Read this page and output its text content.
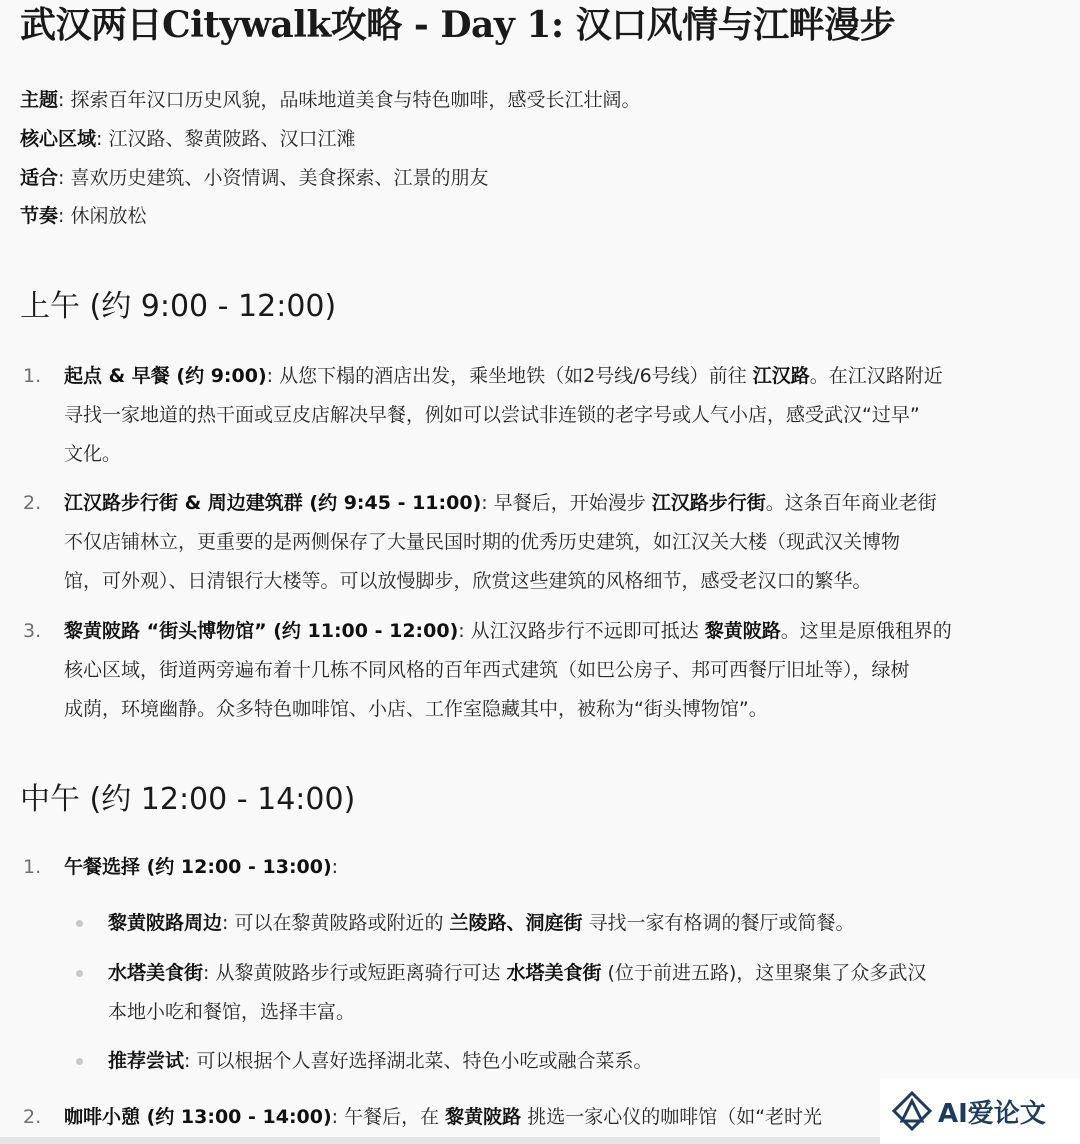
武汉两日Citywalk攻略 - Day 1: 汉口风情与江畔漫步
主题: 探索百年汉口历史风貌，品味地道美食与特色咖啡，感受长江壮阔。
核心区域: 江汉路、黎黄陂路、汉口江滩
适合: 喜欢历史建筑、小资情调、美食探索、江景的朋友
节奏: 休闲放松
上午 (约 9:00 - 12:00)
1. 起点 & 早餐 (约 9:00): 从您下榻的酒店出发，乘坐地铁（如2号线/6号线）前往 江汉路。在江汉路附近
寻找一家地道的热干面或豆皮店解决早餐，例如可以尝试非连锁的老字号或人气小店，感受武汉“过早”
文化。
2. 江汉路步行街 & 周边建筑群 (约 9:45 - 11:00): 早餐后，开始漫步 江汉路步行街。这条百年商业老街
不仅店铺林立，更重要的是两侧保存了大量民国时期的优秀历史建筑，如江汉关大楼（现武汉关博物
馆，可外观）、日清银行大楼等。可以放慢脚步，欣赏这些建筑的风格细节，感受老汉口的繁华。
3. 黎黄陂路 “街头博物馆” (约 11:00 - 12:00): 从江汉路步行不远即可抵达 黎黄陂路。这里是原俄租界的
核心区域，街道两旁遍布着十几栋不同风格的百年西式建筑（如巴公房子、邦可西餐厅旧址等），绿树
成荫，环境幽静。众多特色咖啡馆、小店、工作室隐藏其中，被称为“街头博物馆”。
中午 (约 12:00 - 14:00)
1. 午餐选择 (约 12:00 - 13:00):
黎黄陂路周边: 可以在黎黄陂路或附近的 兰陵路、洞庭街 寻找一家有格调的餐厅或简餐。
水塔美食街: 从黎黄陂路步行或短距离骑行可达 水塔美食街 (位于前进五路)，这里聚集了众多武汉
本地小吃和餐馆，选择丰富。
推荐尝试: 可以根据个人喜好选择湖北菜、特色小吃或融合菜系。
2. 咖啡小憩 (约 13:00 - 14:00): 午餐后，在 黎黄陂路 挑选一家心仪的咖啡馆（如“老时光	AI爱论文
